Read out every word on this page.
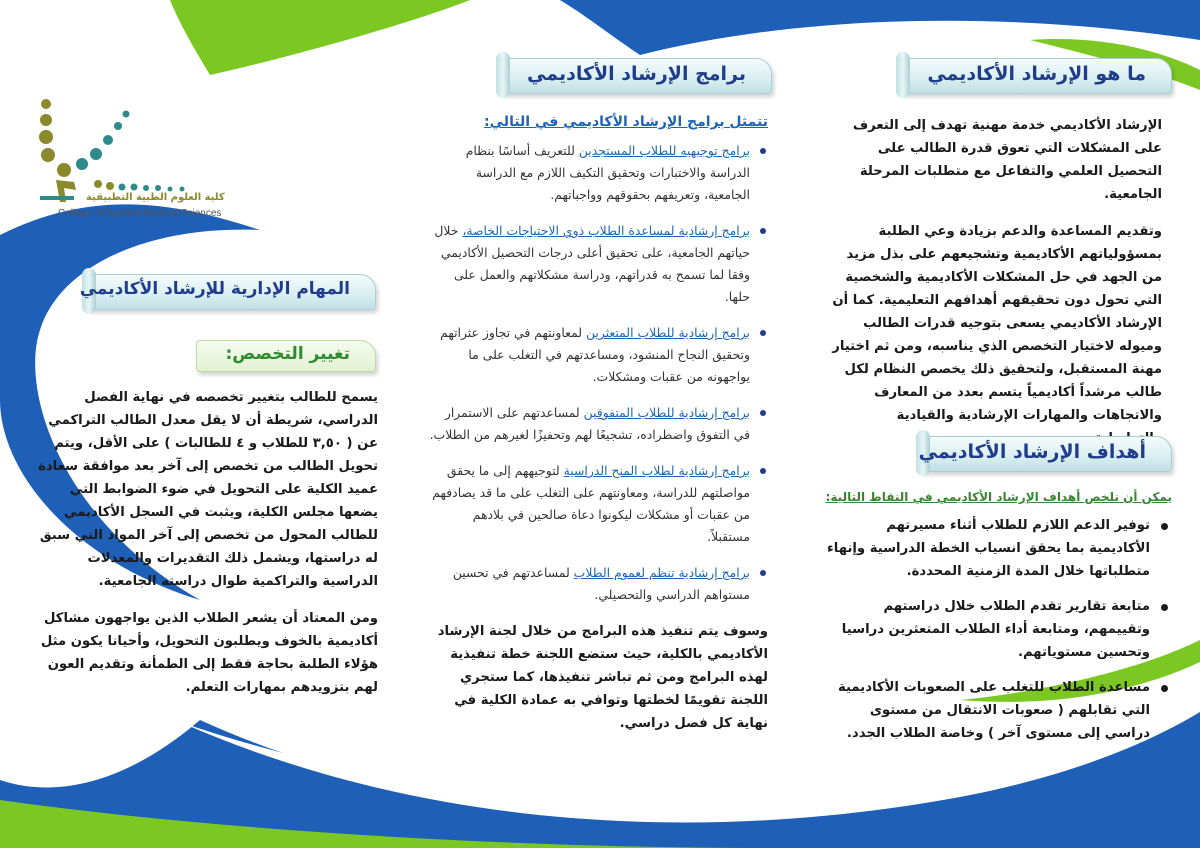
كلية العلوم الطبية التطبيقية
College Of Applied Medical Sciences
ما هو الإرشاد الأكاديمي

الإرشاد الأكاديمي خدمة مهنية تهدف إلى التعرف على المشكلات التي تعوق قدرة الطالب على التحصيل العلمي والتفاعل مع متطلبات المرحلة الجامعية.

وتقديم المساعدة والدعم بزيادة وعي الطلبة بمسؤولياتهم الأكاديمية وتشجيعهم على بذل مزيد من الجهد في حل المشكلات الأكاديمية والشخصية التي تحول دون تحقيقهم أهدافهم التعليمية. كما أن الإرشاد الأكاديمي يسعى بتوجيه قدرات الطالب وميوله لاختيار التخصص الذي يناسبه، ومن ثم اختيار مهنة المستقبل، ولتحقيق ذلك يخصص النظام لكل طالب مرشداً أكاديمياً يتسم بعدد من المعارف والاتجاهات والمهارات الإرشادية والقيادية

أهداف الإرشاد الأكاديمي

يمكن أن نلخص أهداف الإرشاد الأكاديمي في النقاط التالية:

توفير الدعم اللازم للطلاب أثناء مسيرتهم الأكاديمية بما يحقق انسياب الخطة الدراسية وإنهاء متطلباتها خلال المدة الزمنية المحددة.

متابعة تقارير تقدم الطلاب خلال دراستهم وتقييمهم، ومتابعة أداء الطلاب المتعثرين دراسيا وتحسين مستوياتهم.

مساعدة الطلاب للتغلب على الصعوبات الأكاديمية التي تقابلهم ( صعوبات الانتقال من مستوى دراسي إلى مستوى آخر ) وخاصة الطلاب الجدد.

برامج الإرشاد الأكاديمي

تتمثل برامج الإرشاد الأكاديمي في التالي:

برامج توجيهيه للطلاب المستجدين للتعريف أساسًا بنظام الدراسة والاختبارات وتحقيق التكيف اللازم مع الدراسة الجامعية، وتعريفهم بحقوقهم وواجباتهم.

برامج إرشادية لمساعدة الطلاب ذوي الاحتياجات الخاصة، خلال حياتهم الجامعية، على تحقيق أعلى درجات التحصيل الأكاديمي وفقا لما تسمح به قدراتهم، ودراسة مشكلاتهم والعمل على حلها.

برامج إرشادية للطلاب المتعثرين لمعاونتهم في تجاوز عثراتهم وتحقيق النجاح المنشود، ومساعدتهم في التغلب على ما يواجهونه من عقبات ومشكلات.

برامج إرشادية للطلاب المتفوقين لمساعدتهم على الاستمرار في التفوق واضطراده، تشجيعًا لهم وتحفيزًا لغيرهم من الطلاب.

برامج إرشادية لطلاب المنح الدراسية لتوجيههم إلى ما يحقق مواصلتهم للدراسة، ومعاونتهم على التغلب على ما قد يصادفهم من عقبات أو مشكلات ليكونوا دعاة صالحين في بلادهم مستقبلاً.

برامج إرشادية تنظم لعموم الطلاب لمساعدتهم في تحسين مستواهم الدراسي والتحصيلي.

وسوف يتم تنفيذ هذه البرامج من خلال لجنة الإرشاد الأكاديمي بالكلية، حيث ستضع اللجنة خطة تنفيذية لهذه البرامج ومن ثم تباشر تنفيذها، كما ستجري اللجنة تقويمًا لخطتها وتوافي به عمادة الكلية في نهاية كل فصل دراسي.

المهام الإدارية للإرشاد الأكاديمي
تغيير التخصص:

يسمح للطالب بتغيير تخصصه في نهاية الفصل الدراسي، شريطة أن لا يقل معدل الطالب التراكمي عن ( ٣,٥٠ للطلاب و ٤ للطالبات ) على الأقل، ويتم تحويل الطالب من تخصص إلى آخر بعد موافقة سعادة عميد الكلية على التحويل في ضوء الضوابط التي يضعها مجلس الكلية، ويثبت في السجل الأكاديمي للطالب المحول من تخصص إلى آخر المواد التي سبق له دراستها، ويشمل ذلك التقديرات والمعدلات الدراسية والتراكمية طوال دراسته الجامعية.

ومن المعتاد أن يشعر الطلاب الذين يواجهون مشاكل أكاديمية بالخوف ويطلبون التحويل، وأحيانا يكون مثل هؤلاء الطلبة بحاجة فقط إلى الطمأنة وتقديم العون لهم بتزويدهم بمهارات التعلم.
